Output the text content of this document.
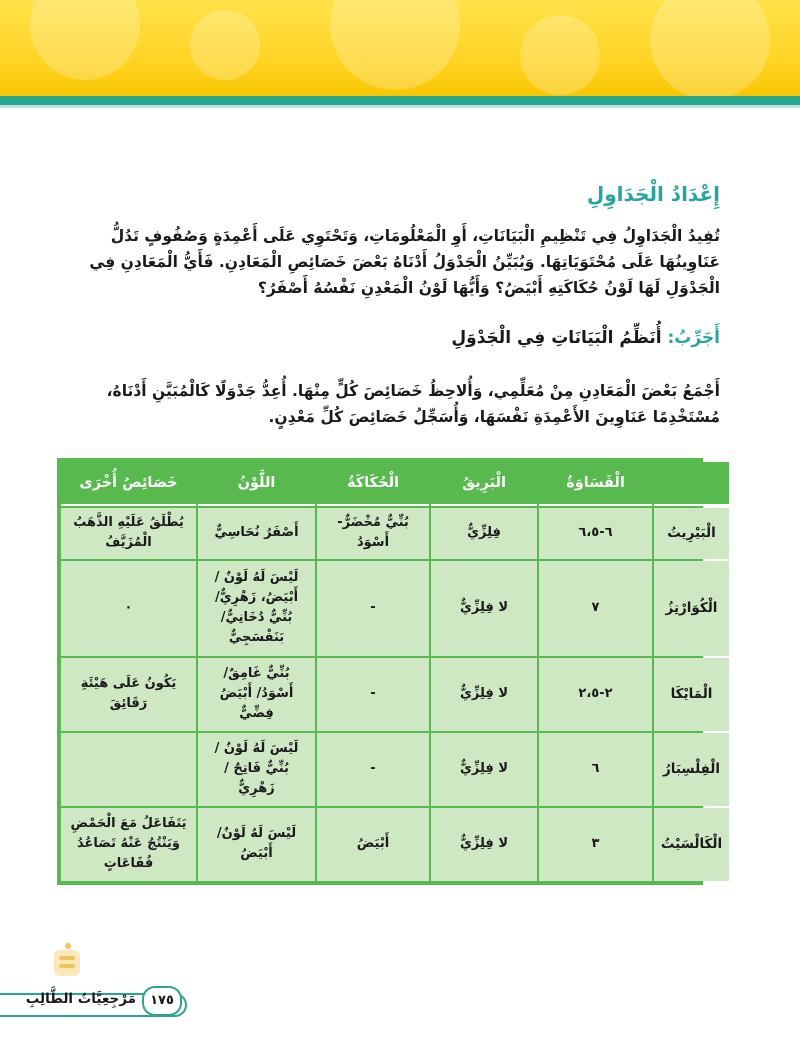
إِعْدَادُ الْجَدَاوِلِ
تُفِيدُ الْجَدَاوِلُ فِي تَنْظِيمِ الْبَيَانَاتِ، أَوِ الْمَعْلُومَاتِ، وَتَحْتَوِي عَلَى أَعْمِدَةٍ وَصُفُوفٍ تَدُلُّ عَنَاوِينُهَا عَلَى مُحْتَوَيَاتِهَا. وَيُبَيِّنُ الْجَدْوَلُ أَدْنَاهُ بَعْضَ خَصَائِصِ الْمَعَادِنِ. فَأَيُّ الْمَعَادِنِ فِي الْجَدْوَلِ لَهَا لَوْنُ حُكَاكَتِهِ أَبْيَضُ؟ وَأَيُّهَا لَوْنُ الْمَعْدِنِ نَفْسُهُ أَصْفَرُ؟
أَجَرِّبُ: أُنَظِّمُ الْبَيَانَاتِ فِي الْجَدْوَلِ
أَجْمَعُ بَعْضَ الْمَعَادِنِ مِنْ مُعَلِّمِي، وَأُلاحِظُ خَصَائِصَ كُلٍّ مِنْهَا. أُعِدُّ جَدْوَلًا كَالْمُبَيَّنِ أَدْنَاهُ، مُسْتَخْدِمًا عَنَاوِينَ الأَعْمِدَةِ نَفْسَهَا، وَأُسَجِّلُ خَصَائِصَ كُلِّ مَعْدِنٍ.
	الْقَسَاوَةُ	الْبَرِيقُ	الْحُكَاكَةُ	اللَّوْنُ	خَصَائِصُ أُخْرَى
الْبَيْرِيتُ	٦-٦،٥	فِلِزِّيٌّ	بُنِّيٌّ مُخْضَرٌّ- أَسْوَدُ	أَصْفَرُ نُحَاسِيٌّ	يُطْلَقُ عَلَيْهِ الذَّهَبُ الْمُزَيَّفُ
الْكُوَارْتِزُ	٧	لا فِلِزِّيٌّ	-	لَيْسَ لَهُ لَوْنٌ / أَبْيَضُ، زَهْرِيٌّ/ بُنِّيٌّ دُخَانِيٌّ/ بَنَفْسَجِيٌّ	٠
الْمَايْكَا	٢-٢،٥	لا فِلِزِّيٌّ	-	بُنِّيٌّ غَامِقٌ/ أَسْوَدُ/ أَبْيَضُ فِضِّيٌّ	يَكُونُ عَلَى هَيْئَةِ رَقَائِقَ
الْفِلْسِبَارُ	٦	لا فِلِزِّيٌّ	-	لَيْسَ لَهُ لَوْنٌ / بُنِّيٌّ فَاتِحٌ / زَهْرِيٌّ	
الْكَالْسَيْتُ	٣	لا فِلِزِّيٌّ	أَبْيَضُ	لَيْسَ لَهُ لَوْنٌ/ أَبْيَضُ	يَتَفَاعَلُ مَعَ الْحَمْضِ وَيَنْتُجُ عَنْهُ تَصَاعُدُ فُقَاعَاتٍ
مَرْجِعِيَّاتُ الطَّالِبِ	١٧٥
